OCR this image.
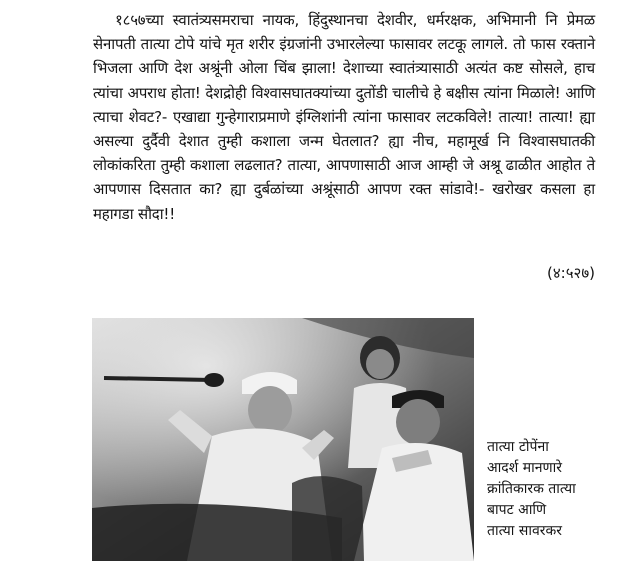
१८५७च्या स्वातंत्र्यसमराचा नायक, हिंदुस्थानचा देशवीर, धर्मरक्षक, अभिमानी नि प्रेमळ सेनापती तात्या टोपे यांचे मृत शरीर इंग्रजांनी उभारलेल्या फासावर लटकू लागले. तो फास रक्ताने भिजला आणि देश अश्रूंनी ओला चिंब झाला! देशाच्या स्वातंत्र्यासाठी अत्यंत कष्ट सोसले, हाच त्यांचा अपराध होता! देशद्रोही विश्वासघातक्यांच्या दुतोंडी चालीचे हे बक्षीस त्यांना मिळाले! आणि त्याचा शेवट?- एखाद्या गुन्हेगाराप्रमाणे इंग्लिशांनी त्यांना फासावर लटकविले! तात्या! तात्या! ह्या असल्या दुर्दैवी देशात तुम्ही कशाला जन्म घेतलात? ह्या नीच, महामूर्ख नि विश्वासघातकी लोकांकरिता तुम्ही कशाला लढलात? तात्या, आपणासाठी आज आम्ही जे अश्रू ढाळीत आहोत ते आपणास दिसतात का? ह्या दुर्बळांच्या अश्रूंसाठी आपण रक्त सांडावे!- खरोखर कसला हा महागडा सौदा!!
(४:५२७)
तात्या टोपेंना
आदर्श मानणारे
क्रांतिकारक तात्या
बापट आणि
तात्या सावरकर
